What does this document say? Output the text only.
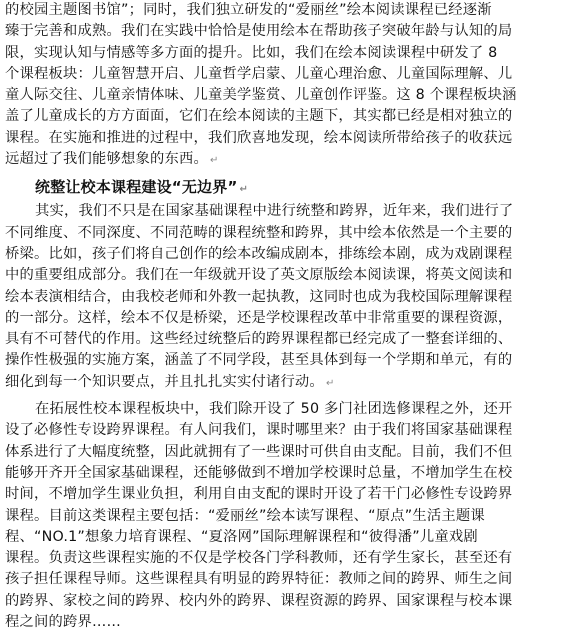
的校园主题图书馆”；同时，我们独立研发的“爱丽丝”绘本阅读课程已经逐渐
臻于完善和成熟。我们在实践中恰恰是使用绘本在帮助孩子突破年龄与认知的局
限，实现认知与情感等多方面的提升。比如，我们在绘本阅读课程中研发了 8
个课程板块：儿童智慧开启、儿童哲学启蒙、儿童心理治愈、儿童国际理解、儿
童人际交往、儿童亲情体味、儿童美学鉴赏、儿童创作评鉴。这 8 个课程板块涵
盖了儿童成长的方方面面，它们在绘本阅读的主题下，其实都已经是相对独立的
课程。在实施和推进的过程中，我们欣喜地发现，绘本阅读所带给孩子的收获远
远超过了我们能够想象的东西。 ↵
统整让校本课程建设“无边界” ↵
其实，我们不只是在国家基础课程中进行统整和跨界，近年来，我们进行了
不同维度、不同深度、不同范畴的课程统整和跨界，其中绘本依然是一个主要的
桥梁。比如，孩子们将自己创作的绘本改编成剧本，排练绘本剧，成为戏剧课程
中的重要组成部分。我们在一年级就开设了英文原版绘本阅读课，将英文阅读和
绘本表演相结合，由我校老师和外教一起执教，这同时也成为我校国际理解课程
的一部分。这样，绘本不仅是桥梁，还是学校课程改革中非常重要的课程资源，
具有不可替代的作用。这些经过统整后的跨界课程都已经完成了一整套详细的、
操作性极强的实施方案，涵盖了不同学段，甚至具体到每一个学期和单元，有的
细化到每一个知识要点，并且扎扎实实付诸行动。 ↵
在拓展性校本课程板块中，我们除开设了 50 多门社团选修课程之外，还开
设了必修性专设跨界课程。有人问我们，课时哪里来？由于我们将国家基础课程
体系进行了大幅度统整，因此就拥有了一些课时可供自由支配。目前，我们不但
能够开齐开全国家基础课程，还能够做到不增加学校课时总量，不增加学生在校
时间，不增加学生课业负担，利用自由支配的课时开设了若干门必修性专设跨界
课程。目前这类课程主要包括：“爱丽丝”绘本读写课程、“原点”生活主题课
程、“NO.1”想象力培育课程、“夏洛网”国际理解课程和“彼得潘”儿童戏剧
课程。负责这些课程实施的不仅是学校各门学科教师，还有学生家长，甚至还有
孩子担任课程导师。这些课程具有明显的跨界特征：教师之间的跨界、师生之间
的跨界、家校之间的跨界、校内外的跨界、课程资源的跨界、国家课程与校本课
程之间的跨界……
